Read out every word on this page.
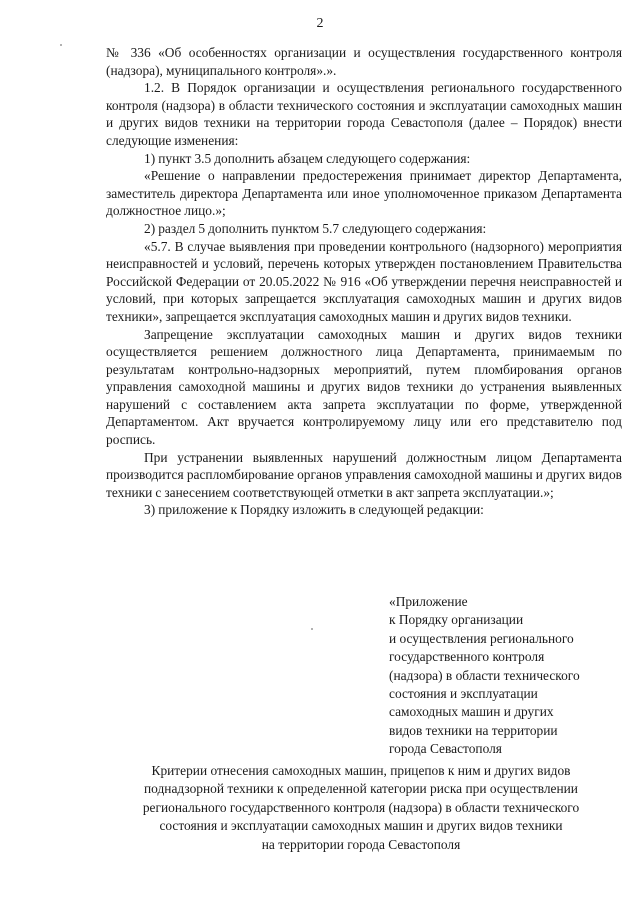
2

№ 336 «Об особенностях организации и осуществления государственного контроля (надзора), муниципального контроля».».

1.2. В Порядок организации и осуществления регионального государственного контроля (надзора) в области технического состояния и эксплуатации самоходных машин и других видов техники на территории города Севастополя (далее – Порядок) внести следующие изменения:

1) пункт 3.5 дополнить абзацем следующего содержания:

«Решение о направлении предостережения принимает директор Департамента, заместитель директора Департамента или иное уполномоченное приказом Департамента должностное лицо.»;

2) раздел 5 дополнить пунктом 5.7 следующего содержания:

«5.7. В случае выявления при проведении контрольного (надзорного) мероприятия неисправностей и условий, перечень которых утвержден постановлением Правительства Российской Федерации от 20.05.2022 № 916 «Об утверждении перечня неисправностей и условий, при которых запрещается эксплуатация самоходных машин и других видов техники», запрещается эксплуатация самоходных машин и других видов техники.

Запрещение эксплуатации самоходных машин и других видов техники осуществляется решением должностного лица Департамента, принимаемым по результатам контрольно-надзорных мероприятий, путем пломбирования органов управления самоходной машины и других видов техники до устранения выявленных нарушений с составлением акта запрета эксплуатации по форме, утвержденной Департаментом. Акт вручается контролируемому лицу или его представителю под роспись.

При устранении выявленных нарушений должностным лицом Департамента производится распломбирование органов управления самоходной машины и других видов техники с занесением соответствующей отметки в акт запрета эксплуатации.»;

3) приложение к Порядку изложить в следующей редакции:

«Приложение
к Порядку организации
и осуществления регионального
государственного контроля
(надзора) в области технического
состояния и эксплуатации
самоходных машин и других
видов техники на территории
города Севастополя
Критерии отнесения самоходных машин, прицепов к ним и других видов
поднадзорной техники к определенной категории риска при осуществлении
регионального государственного контроля (надзора) в области технического
состояния и эксплуатации самоходных машин и других видов техники
на территории города Севастополя
